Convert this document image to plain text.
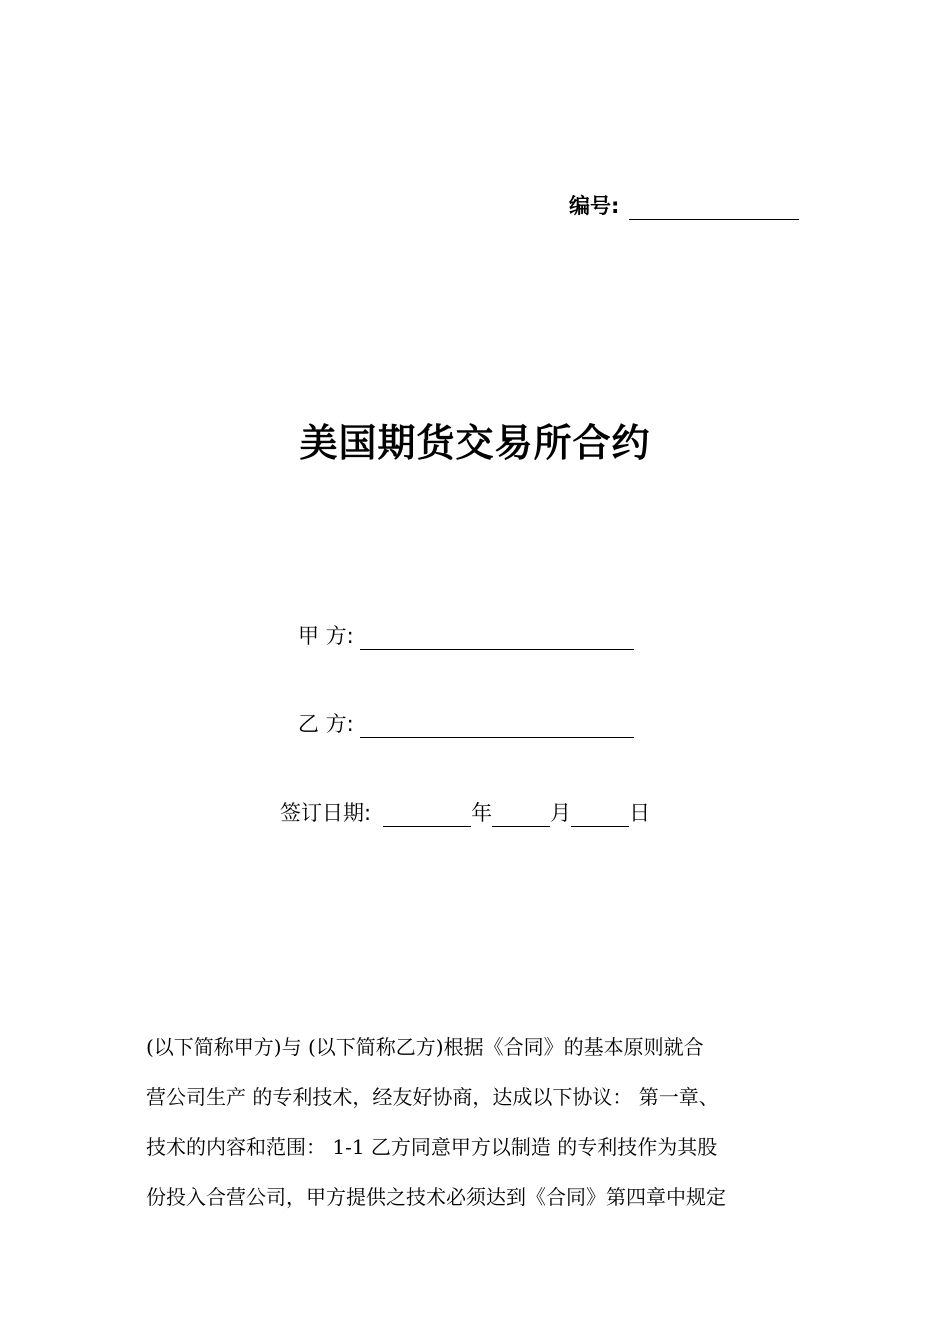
编号:
美国期货交易所合约
甲 方:
乙 方:
签订日期:	年	月	日
(以下简称甲方)与 (以下简称乙方)根据《合同》的基本原则就合
营公司生产 的专利技术，经友好协商，达成以下协议： 第一章、
技术的内容和范围： 1-1 乙方同意甲方以制造 的专利技作为其股
份投入合营公司，甲方提供之技术必须达到《合同》第四章中规定
